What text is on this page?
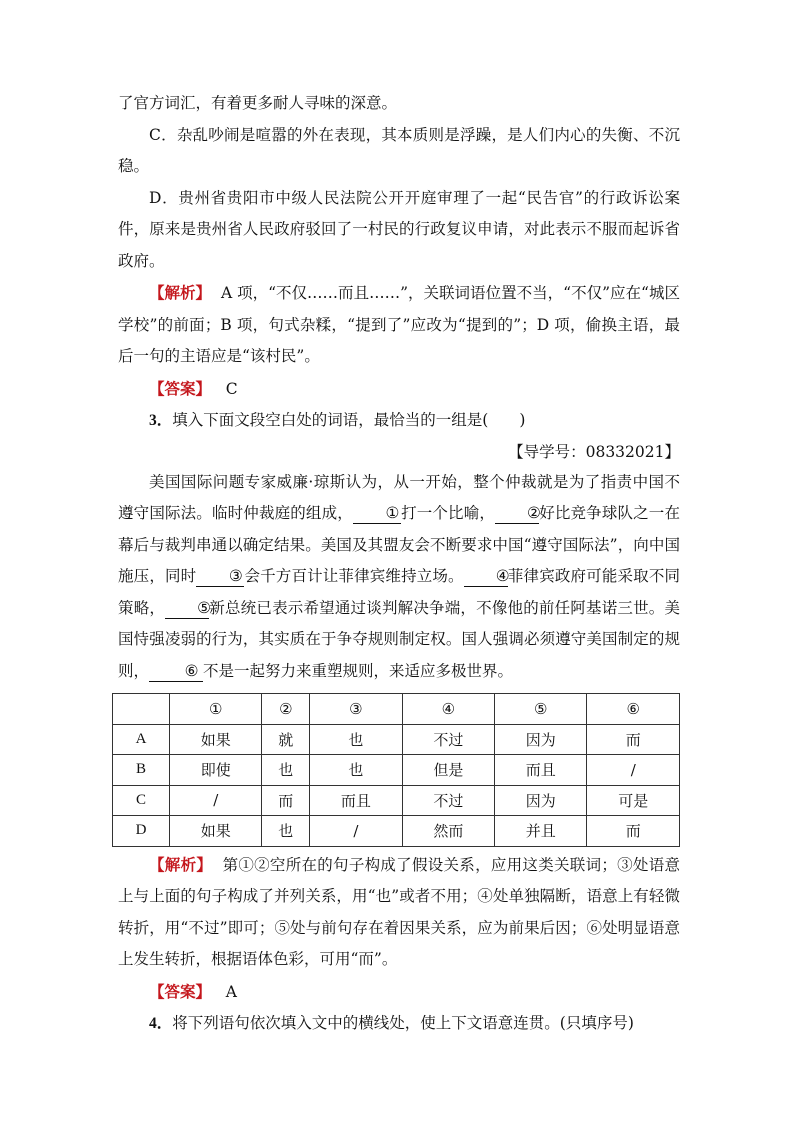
了官方词汇，有着更多耐人寻味的深意。

C．杂乱吵闹是喧嚣的外在表现，其本质则是浮躁，是人们内心的失衡、不沉稳。

D．贵州省贵阳市中级人民法院公开开庭审理了一起“民告官”的行政诉讼案件，原来是贵州省人民政府驳回了一村民的行政复议申请，对此表示不服而起诉省政府。

【解析】 A 项，“不仅……而且……”，关联词语位置不当，“不仅”应在“城区学校”的前面；B 项，句式杂糅，“提到了”应改为“提到的”；D 项，偷换主语，最后一句的主语应是“该村民”。

【答案】 C

3．填入下面文段空白处的词语，最恰当的一组是(　　)

【导学号：08332021】

美国国际问题专家威廉·琼斯认为，从一开始，整个仲裁就是为了指责中国不遵守国际法。临时仲裁庭的组成， ①打一个比喻， ②好比竞争球队之一在幕后与裁判串通以确定结果。美国及其盟友会不断要求中国“遵守国际法”，向中国施压，同时 ③会千方百计让菲律宾维持立场。 ④菲律宾政府可能采取不同策略， ⑤新总统已表示希望通过谈判解决争端，不像他的前任阿基诺三世。美国恃强凌弱的行为，其实质在于争夺规则制定权。国人强调必须遵守美国制定的规则， ⑥ 不是一起努力来重塑规则，来适应多极世界。

	①	②	③	④	⑤	⑥
A	如果	就	也	不过	因为	而
B	即使	也	也	但是	而且	/
C	/	而	而且	不过	因为	可是
D	如果	也	/	然而	并且	而

【解析】 第①②空所在的句子构成了假设关系，应用这类关联词；③处语意上与上面的句子构成了并列关系，用“也”或者不用；④处单独隔断，语意上有轻微转折，用“不过”即可；⑤处与前句存在着因果关系，应为前果后因；⑥处明显语意上发生转折，根据语体色彩，可用“而”。

【答案】 A

4．将下列语句依次填入文中的横线处，使上下文语意连贯。(只填序号)
